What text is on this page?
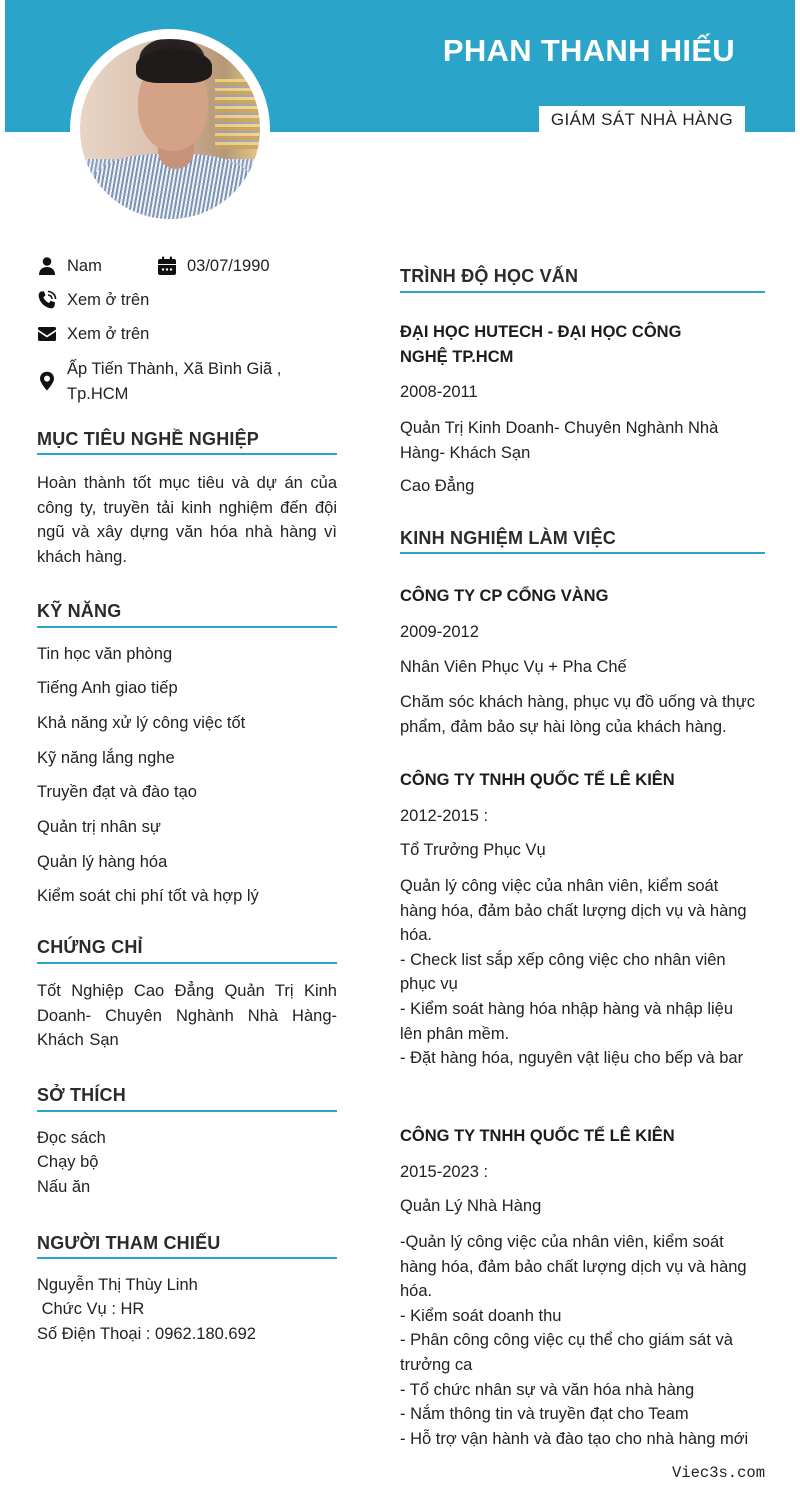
PHAN THANH HIẾU
GIÁM SÁT NHÀ HÀNG
Nam	03/07/1990
Xem ở trên
Xem ở trên
Ấp Tiến Thành, Xã Bình Giã ,
Tp.HCM
MỤC TIÊU NGHỀ NGHIỆP
Hoàn thành tốt mục tiêu và dự án của công ty, truyền tải kinh nghiệm đến đội ngũ và xây dựng văn hóa nhà hàng vì khách hàng.
KỸ NĂNG
Tin học văn phòng
Tiếng Anh giao tiếp
Khả năng xử lý công việc tốt
Kỹ năng lắng nghe
Truyền đạt và đào tạo
Quản trị nhân sự
Quản lý hàng hóa
Kiểm soát chi phí tốt và hợp lý
CHỨNG CHỈ
Tốt Nghiệp Cao Đẳng Quản Trị Kinh Doanh- Chuyên Nghành Nhà Hàng- Khách Sạn
SỞ THÍCH
Đọc sách
Chạy bộ
Nấu ăn
NGƯỜI THAM CHIẾU
Nguyễn Thị Thùy Linh
Chức Vụ : HR
Số Điện Thoại : 0962.180.692
TRÌNH ĐỘ HỌC VẤN
ĐẠI HỌC HUTECH - ĐẠI HỌC CÔNG NGHỆ TP.HCM
2008-2011
Quản Trị Kinh Doanh- Chuyên Nghành Nhà Hàng- Khách Sạn
Cao Đẳng
KINH NGHIỆM LÀM VIỆC
CÔNG TY CP CỔNG VÀNG
2009-2012
Nhân Viên Phục Vụ + Pha Chế
Chăm sóc khách hàng, phục vụ đồ uống và thực
phẩm, đảm bảo sự hài lòng của khách hàng.
CÔNG TY TNHH QUỐC TẾ LÊ KIÊN
2012-2015 :
Tổ Trưởng Phục Vụ
Quản lý công việc của nhân viên, kiểm soát
hàng hóa, đảm bảo chất lượng dịch vụ và hàng
hóa.
- Check list sắp xếp công việc cho nhân viên
phục vụ
- Kiểm soát hàng hóa nhập hàng và nhập liệu
lên phân mềm.
- Đặt hàng hóa, nguyên vật liệu cho bếp và bar
CÔNG TY TNHH QUỐC TẾ LÊ KIÊN
2015-2023 :
Quản Lý Nhà Hàng
-Quản lý công việc của nhân viên, kiểm soát
hàng hóa, đảm bảo chất lượng dịch vụ và hàng
hóa.
- Kiểm soát doanh thu
- Phân công công việc cụ thể cho giám sát và
trưởng ca
- Tổ chức nhân sự và văn hóa nhà hàng
- Nắm thông tin và truyền đạt cho Team
- Hỗ trợ vận hành và đào tạo cho nhà hàng mới
Viec3s.com
